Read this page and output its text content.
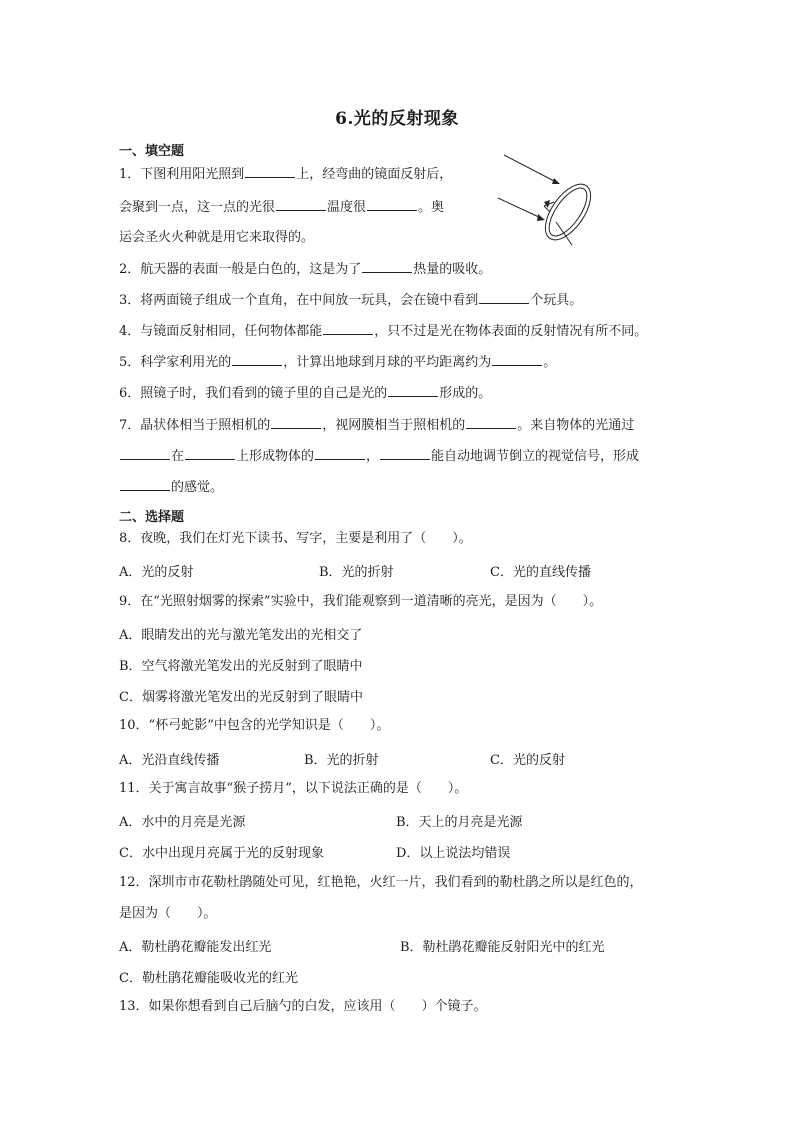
6.光的反射现象
一、填空题
1．下图利用阳光照到	上，经弯曲的镜面反射后，
会聚到一点，这一点的光很	温度很	。奥
运会圣火火种就是用它来取得的。
2．航天器的表面一般是白色的，这是为了	热量的吸收。
3．将两面镜子组成一个直角，在中间放一玩具，会在镜中看到	个玩具。
4．与镜面反射相同，任何物体都能	，只不过是光在物体表面的反射情况有所不同。
5．科学家利用光的	，计算出地球到月球的平均距离约为	。
6．照镜子时，我们看到的镜子里的自己是光的	形成的。
7．晶状体相当于照相机的	，视网膜相当于照相机的	。来自物体的光通过
在	上形成物体的	，	能自动地调节倒立的视觉信号，形成
的感觉。
二、选择题
8．夜晚，我们在灯光下读书、写字，主要是利用了（　　）。
A．光的反射	B．光的折射	C．光的直线传播
9．在“光照射烟雾的探索”实验中，我们能观察到一道清晰的亮光，是因为（　　）。
A．眼睛发出的光与激光笔发出的光相交了
B．空气将激光笔发出的光反射到了眼睛中
C．烟雾将激光笔发出的光反射到了眼睛中
10．“杯弓蛇影”中包含的光学知识是（　　）。
A．光沿直线传播	B．光的折射	C．光的反射
11．关于寓言故事“猴子捞月”，以下说法正确的是（　　）。
A．水中的月亮是光源	B．天上的月亮是光源
C．水中出现月亮属于光的反射现象	D．以上说法均错误
12．深圳市市花勒杜鹃随处可见，红艳艳，火红一片，我们看到的勒杜鹃之所以是红色的，
是因为（　　）。
A．勒杜鹃花瓣能发出红光	B．勒杜鹃花瓣能反射阳光中的红光
C．勒杜鹃花瓣能吸收光的红光
13．如果你想看到自己后脑勺的白发，应该用（　　）个镜子。
